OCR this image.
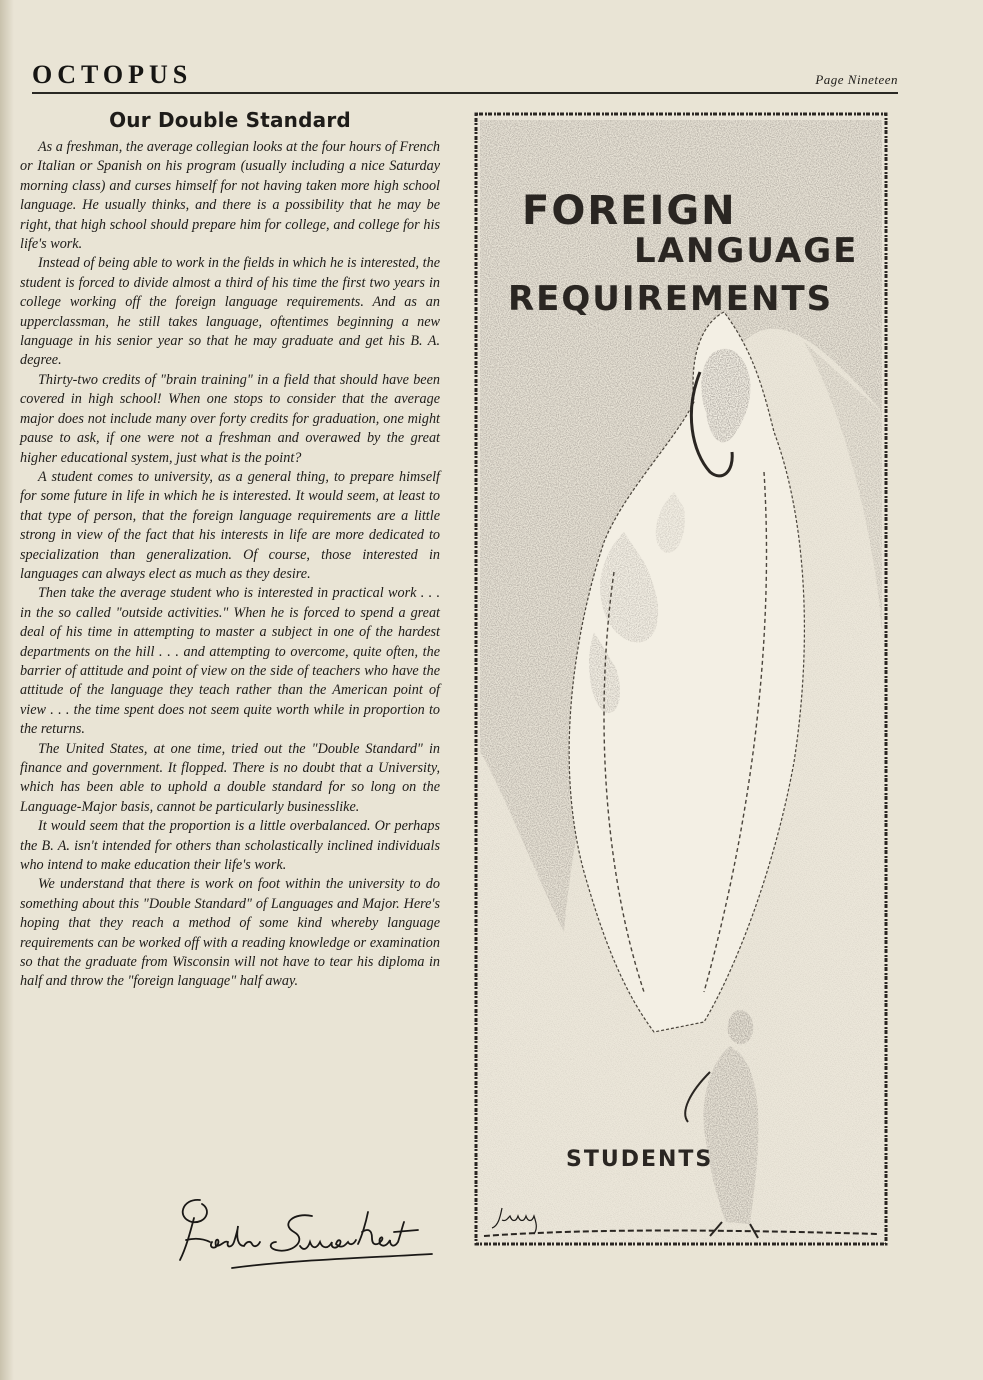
OCTOPUS	Page Nineteen
Our Double Standard

As a freshman, the average collegian looks at the four hours of French or Italian or Spanish on his program (usually including a nice Saturday morning class) and curses himself for not having taken more high school language. He usually thinks, and there is a possibility that he may be right, that high school should prepare him for college, and college for his life's work.

Instead of being able to work in the fields in which he is interested, the student is forced to divide almost a third of his time the first two years in college working off the foreign language requirements. And as an upperclassman, he still takes language, oftentimes beginning a new language in his senior year so that he may graduate and get his B. A. degree.

Thirty-two credits of "brain training" in a field that should have been covered in high school! When one stops to consider that the average major does not include many over forty credits for graduation, one might pause to ask, if one were not a freshman and overawed by the great higher educational system, just what is the point?

A student comes to university, as a general thing, to prepare himself for some future in life in which he is interested. It would seem, at least to that type of person, that the foreign language requirements are a little strong in view of the fact that his interests in life are more dedicated to specialization than generalization. Of course, those interested in languages can always elect as much as they desire.

Then take the average student who is interested in practical work . . . in the so called "outside activities." When he is forced to spend a great deal of his time in attempting to master a subject in one of the hardest departments on the hill . . . and attempting to overcome, quite often, the barrier of attitude and point of view on the side of teachers who have the attitude of the language they teach rather than the American point of view . . . the time spent does not seem quite worth while in proportion to the returns.

The United States, at one time, tried out the "Double Standard" in finance and government. It flopped. There is no doubt that a University, which has been able to uphold a double standard for so long on the Language-Major basis, cannot be particularly businesslike.

It would seem that the proportion is a little overbalanced. Or perhaps the B. A. isn't intended for others than scholastically inclined individuals who intend to make education their life's work.

We understand that there is work on foot within the university to do something about this "Double Standard" of Languages and Major. Here's hoping that they reach a method of some kind whereby language requirements can be worked off with a reading knowledge or examination so that the graduate from Wisconsin will not have to tear his diploma in half and throw the "foreign language" half away.

FOREIGN
LANGUAGE
REQUIREMENTS
STUDENTS
